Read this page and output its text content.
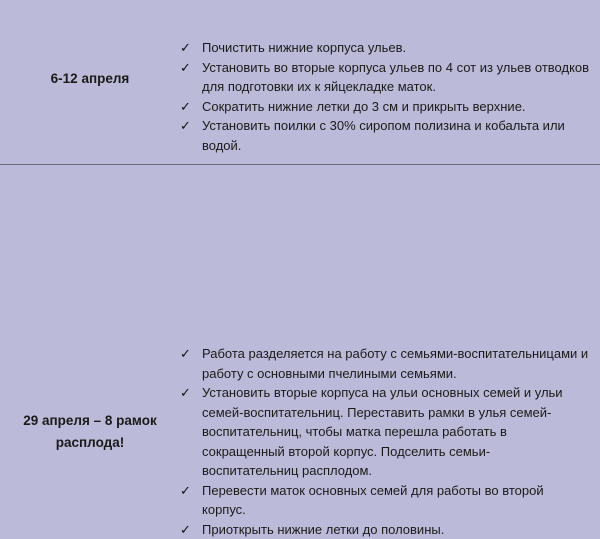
6-12 апреля
✓ Почистить нижние корпуса ульев.
✓ Установить во вторые корпуса ульев по 4 сот из ульев отводков
для подготовки их к яйцекладке маток.
✓ Сократить нижние летки до 3 см и прикрыть верхние.
✓ Установить поилки с 30% сиропом полизина и кобальта или
водой.
29 апреля – 8 рамок
расплода!
✓ Работа разделяется на работу с семьями-воспитательницами и
работу с основными пчелиными семьями.
✓ Установить вторые корпуса на ульи основных семей и ульи
семей-воспитательниц. Переставить рамки в улья семей-
воспитательниц, чтобы матка перешла работать в
сокращенный второй корпус. Подселить семьи-
воспитательниц расплодом.
✓ Перевести маток основных семей для работы во второй
корпус.
✓ Приоткрыть нижние летки до половины.
